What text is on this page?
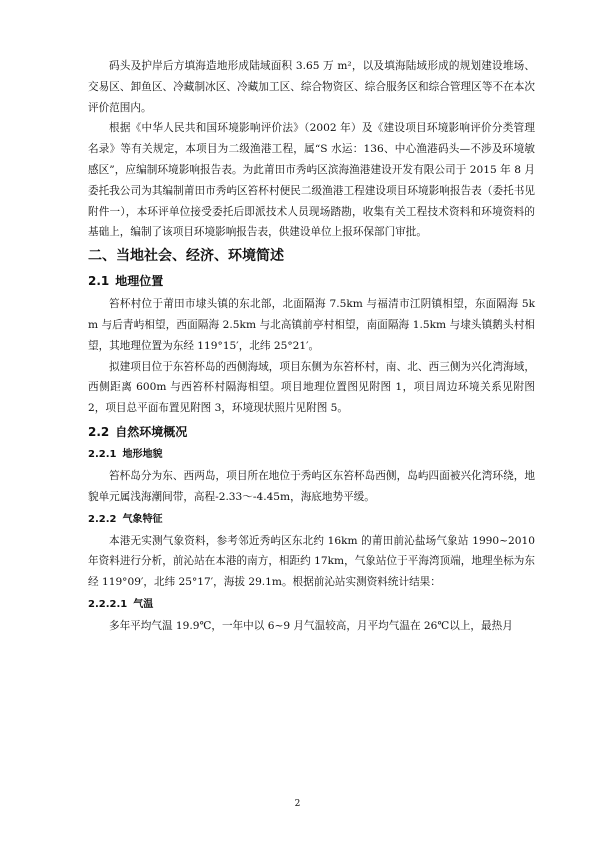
码头及护岸后方填海造地形成陆域面积 3.65 万 m²，以及填海陆域形成的规划建设堆场、交易区、卸鱼区、冷藏制冰区、冷藏加工区、综合物资区、综合服务区和综合管理区等不在本次评价范围内。

根据《中华人民共和国环境影响评价法》（2002 年）及《建设项目环境影响评价分类管理名录》等有关规定，本项目为二级渔港工程，属“S 水运：136、中心渔港码头—不涉及环境敏感区”，应编制环境影响报告表。为此莆田市秀屿区滨海渔港建设开发有限公司于 2015 年 8 月委托我公司为其编制莆田市秀屿区笞杯村便民二级渔港工程建设项目环境影响报告表（委托书见附件一），本环评单位接受委托后即派技术人员现场踏勘，收集有关工程技术资料和环境资料的基础上，编制了该项目环境影响报告表，供建设单位上报环保部门审批。

二、当地社会、经济、环境简述
2.1 地理位置

笞杯村位于莆田市埭头镇的东北部，北面隔海 7.5km 与福清市江阴镇相望，东面隔海 5km 与后青屿相望，西面隔海 2.5km 与北高镇前亭村相望，南面隔海 1.5km 与埭头镇鹅头村相望，其地理位置为东经 119°15′，北纬 25°21′。

拟建项目位于东笞杯岛的西侧海域，项目东侧为东笞杯村，南、北、西三侧为兴化湾海域，西侧距离 600m 与西笞杯村隔海相望。项目地理位置图见附图 1，项目周边环境关系见附图 2，项目总平面布置见附图 3，环境现状照片见附图 5。

2.2 自然环境概况
2.2.1 地形地貌

笞杯岛分为东、西两岛，项目所在地位于秀屿区东笞杯岛西侧，岛屿四面被兴化湾环绕，地貌单元属浅海潮间带，高程-2.33～-4.45m，海底地势平缓。

2.2.2 气象特征

本港无实测气象资料，参考邻近秀屿区东北约 16km 的莆田前沁盐场气象站 1990~2010 年资料进行分析，前沁站在本港的南方，相距约 17km，气象站位于平海湾顶端，地理坐标为东经 119°09′，北纬 25°17′，海拔 29.1m。根据前沁站实测资料统计结果：

2.2.2.1 气温

多年平均气温 19.9℃，一年中以 6~9 月气温较高，月平均气温在 26℃以上，最热月

2
